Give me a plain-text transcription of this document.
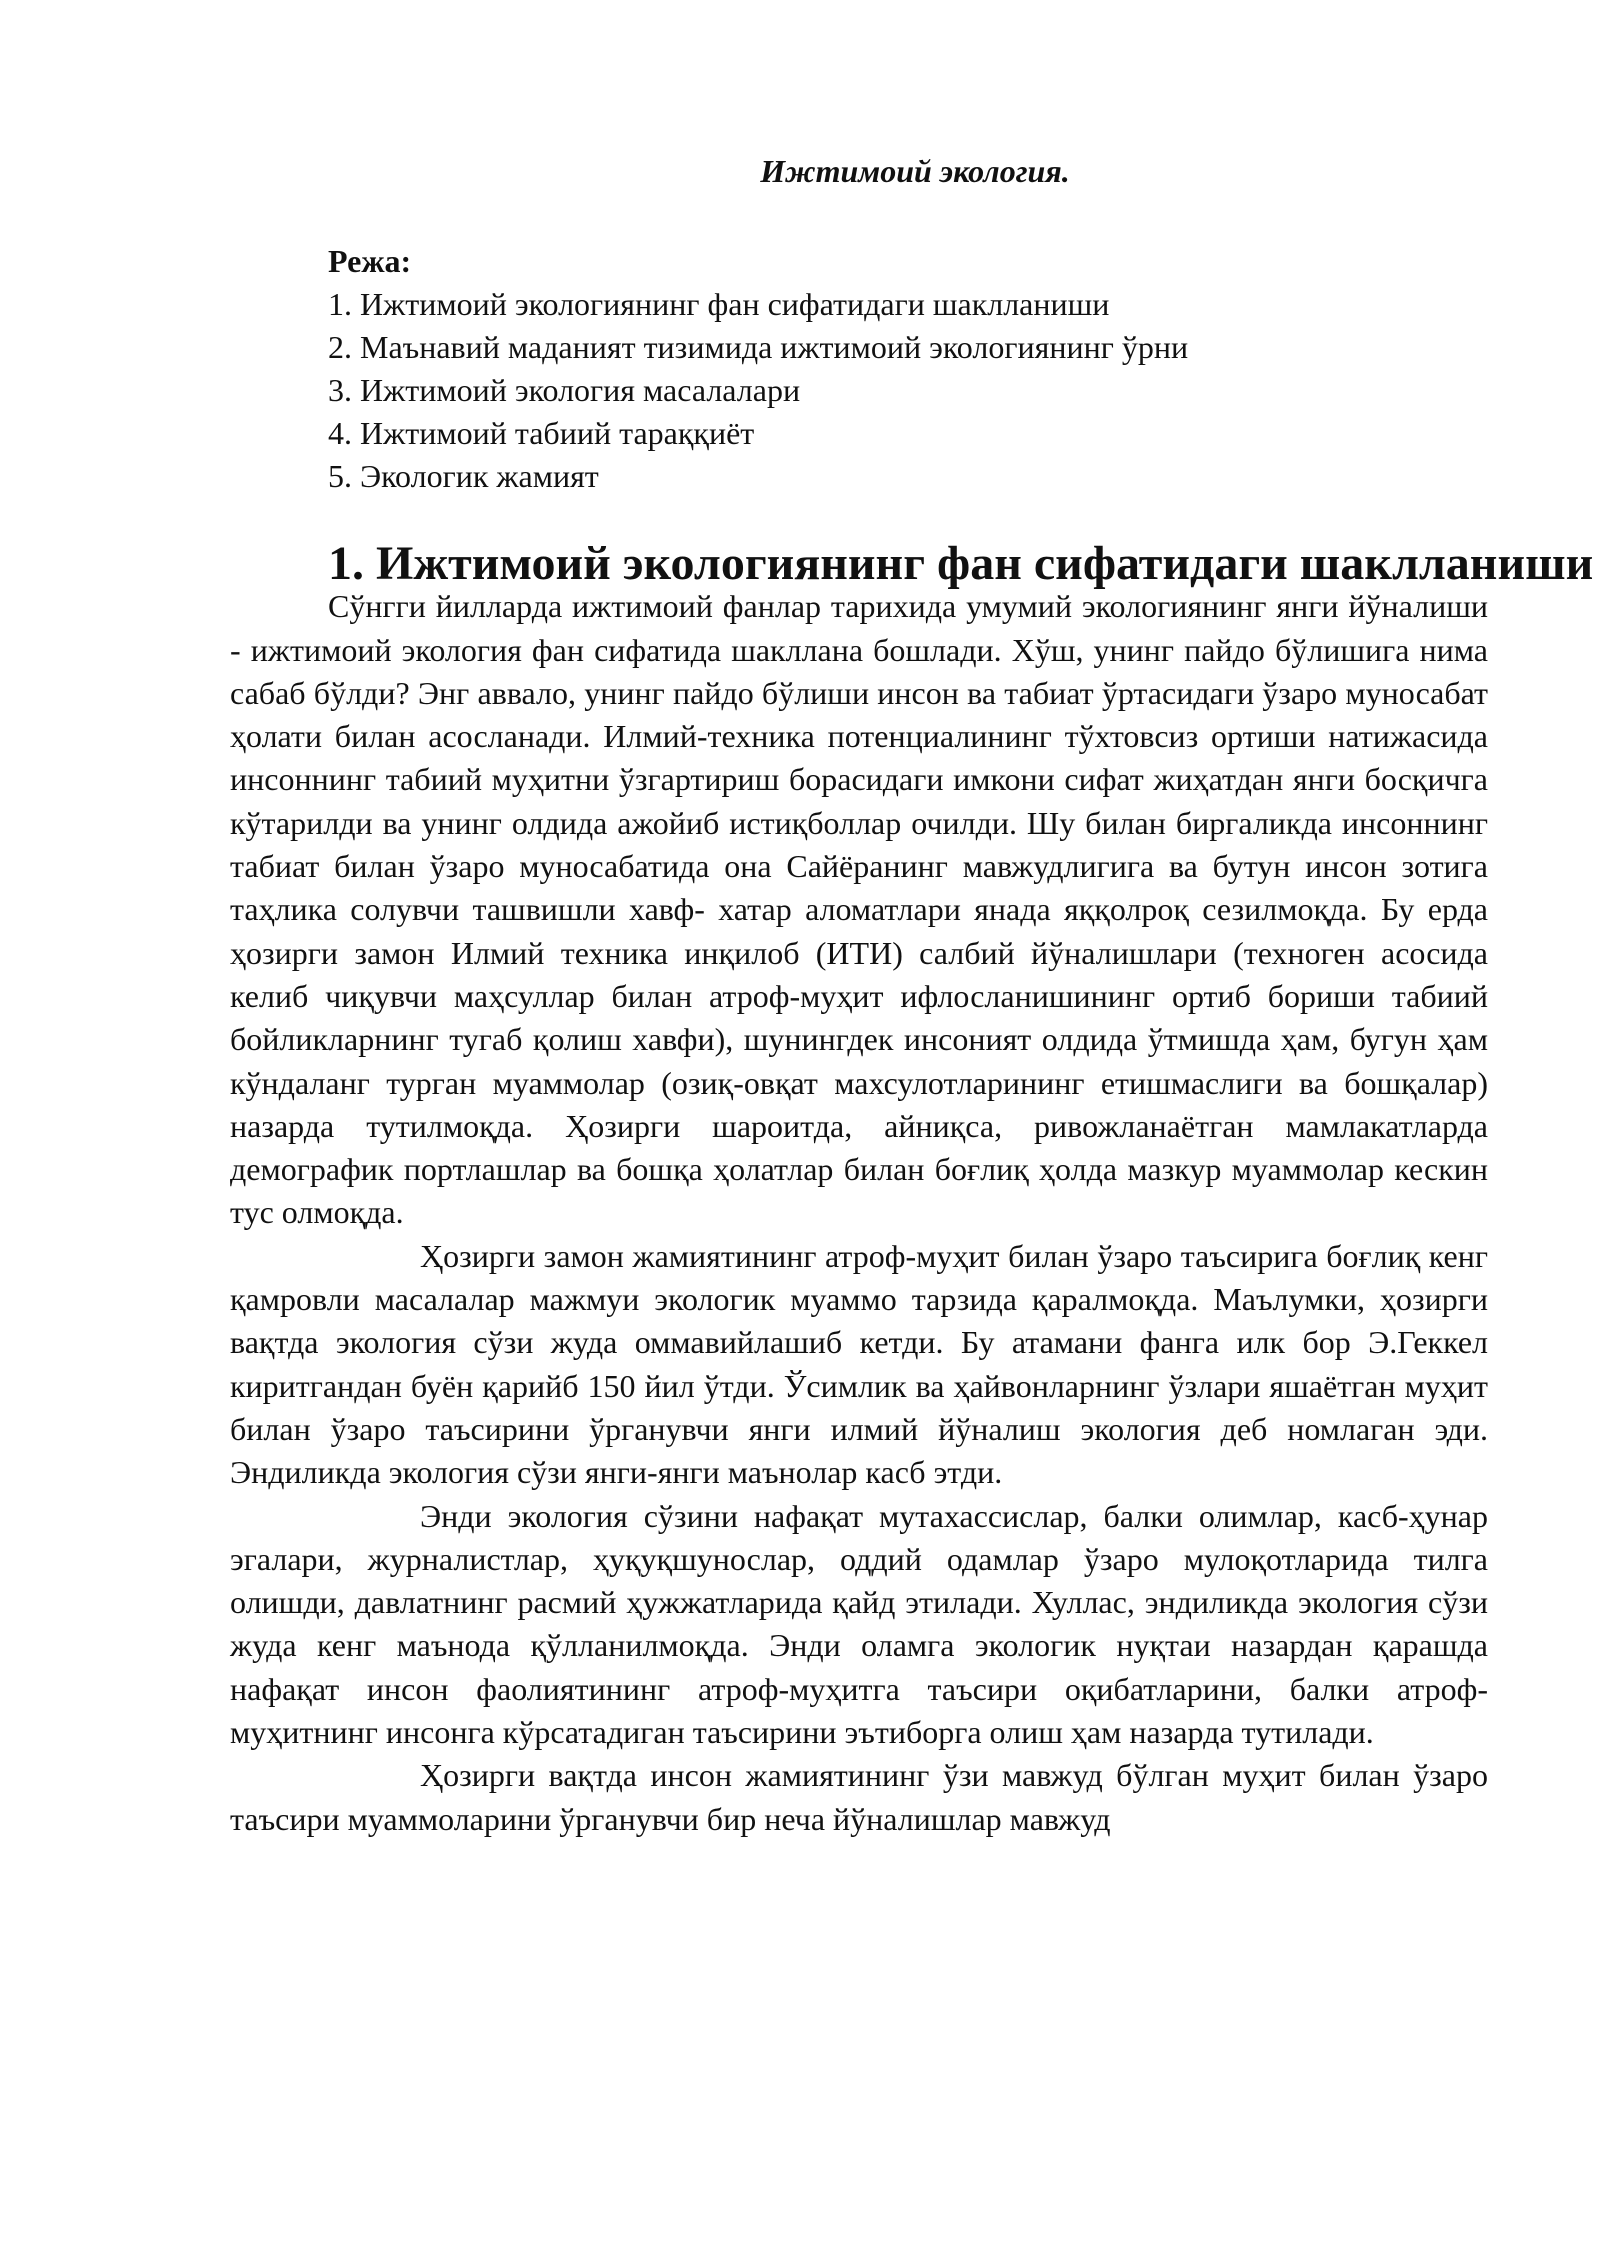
Ижтимоий экология.

Режа:

1. Ижтимоий экологиянинг фан сифатидаги шаклланиши
2. Маънавий маданият тизимида ижтимоий экологиянинг ўрни
3. Ижтимоий экология масалалари
4. Ижтимоий табиий тараққиёт
5. Экологик жамият
1. Ижтимоий экологиянинг фан сифатидаги шаклланиши

Сўнгги йилларда ижтимоий фанлар тарихида умумий экологиянинг янги йўналиши - ижтимоий экология фан сифатида шакллана бошлади. Хўш, унинг пайдо бўлишига нима сабаб бўлди? Энг аввало, унинг пайдо бўлиши инсон ва табиат ўртасидаги ўзаро муносабат ҳолати билан асосланади. Илмий-техника потенциалининг тўхтовсиз ортиши натижасида инсоннинг табиий муҳитни ўзгартириш борасидаги имкони сифат жиҳатдан янги босқичга кўтарилди ва унинг олдида ажойиб истиқболлар очилди. Шу билан биргаликда инсоннинг табиат билан ўзаро муносабатида она Сайёранинг мавжудлигига ва бутун инсон зотига таҳлика солувчи ташвишли хавф- хатар аломатлари янада яққолроқ сезилмоқда. Бу ерда ҳозирги замон Илмий техника инқилоб (ИТИ) салбий йўналишлари (техноген асосида келиб чиқувчи маҳсуллар билан атроф-муҳит ифлосланишининг ортиб бориши табиий бойликларнинг тугаб қолиш хавфи), шунингдек инсоният олдида ўтмишда ҳам, бугун ҳам кўндаланг турган муаммолар (озиқ-овқат махсулотларининг етишмаслиги ва бошқалар) назарда тутилмоқда. Ҳозирги шароитда, айниқса, ривожланаётган мамлакатларда демографик портлашлар ва бошқа ҳолатлар билан боғлиқ ҳолда мазкур муаммолар кескин тус олмоқда.

Ҳозирги замон жамиятининг атроф-муҳит билан ўзаро таъсирига боғлиқ кенг қамровли масалалар мажмуи экологик муаммо тарзида қаралмоқда. Маълумки, ҳозирги вақтда экология сўзи жуда оммавийлашиб кетди. Бу атамани фанга илк бор Э.Геккел киритгандан буён қарийб 150 йил ўтди. Ўсимлик ва ҳайвонларнинг ўзлари яшаётган муҳит билан ўзаро таъсирини ўрганувчи янги илмий йўналиш экология деб номлаган эди. Эндиликда экология сўзи янги-янги маънолар касб этди.

Энди экология сўзини нафақат мутахассислар, балки олимлар, касб-ҳунар эгалари, журналистлар, ҳуқуқшунослар, оддий одамлар ўзаро мулоқотларида тилга олишди, давлатнинг расмий ҳужжатларида қайд этилади. Хуллас, эндиликда экология сўзи жуда кенг маънода қўлланилмоқда. Энди оламга экологик нуқтаи назардан қарашда нафақат инсон фаолиятининг атроф-муҳитга таъсири оқибатларини, балки атроф-муҳитнинг инсонга кўрсатадиган таъсирини эътиборга олиш ҳам назарда тутилади.

Ҳозирги вақтда инсон жамиятининг ўзи мавжуд бўлган муҳит билан ўзаро таъсири муаммоларини ўрганувчи бир неча йўналишлар мавжуд
